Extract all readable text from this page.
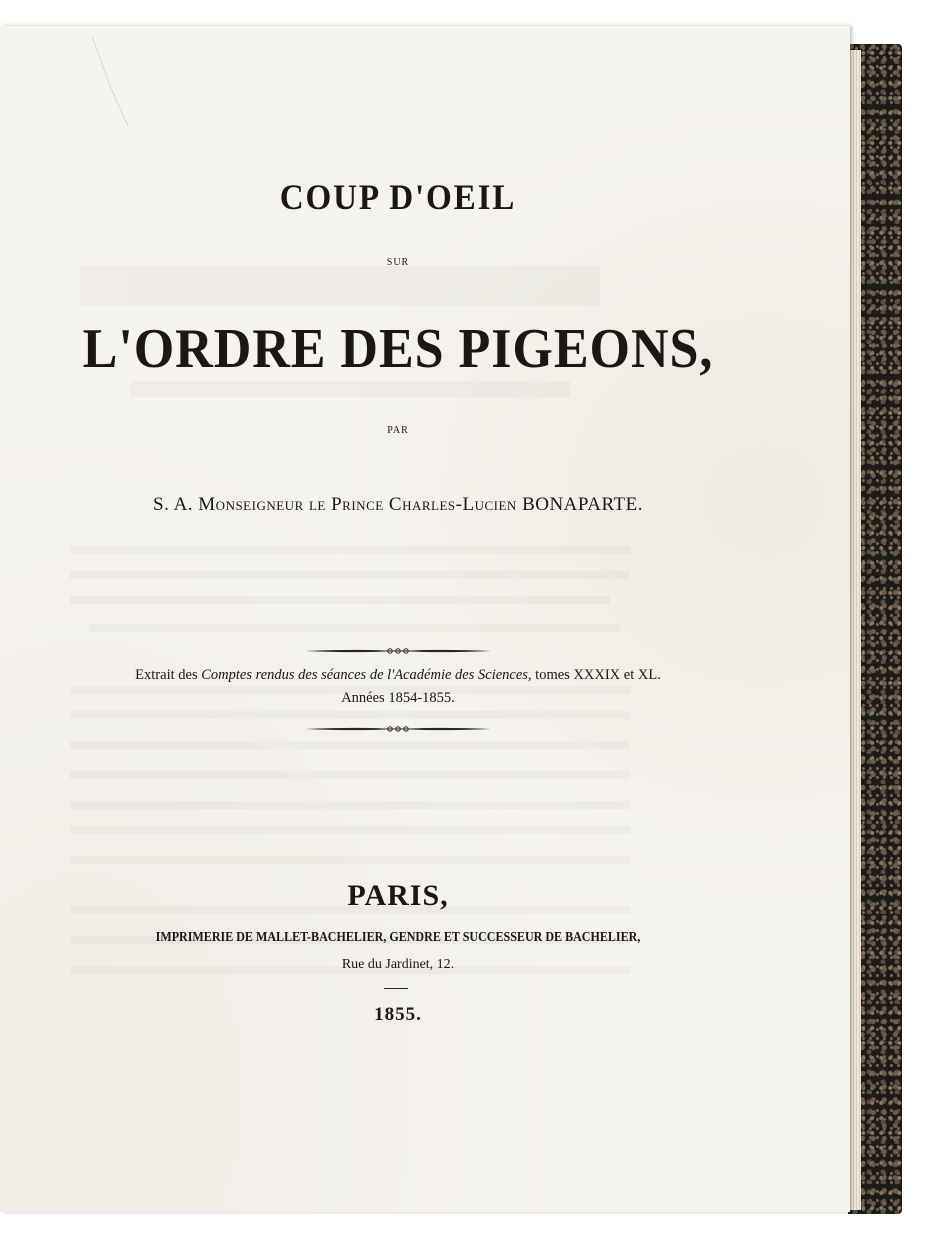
COUP D'OEIL
SUR
L'ORDRE DES PIGEONS,
PAR
S. A. Monseigneur le Prince Charles-Lucien BONAPARTE.
Extrait des Comptes rendus des séances de l'Académie des Sciences, tomes XXXIX et XL.
Années 1854-1855.
PARIS,
IMPRIMERIE DE MALLET-BACHELIER, GENDRE ET SUCCESSEUR DE BACHELIER,
Rue du Jardinet, 12.
1855.
